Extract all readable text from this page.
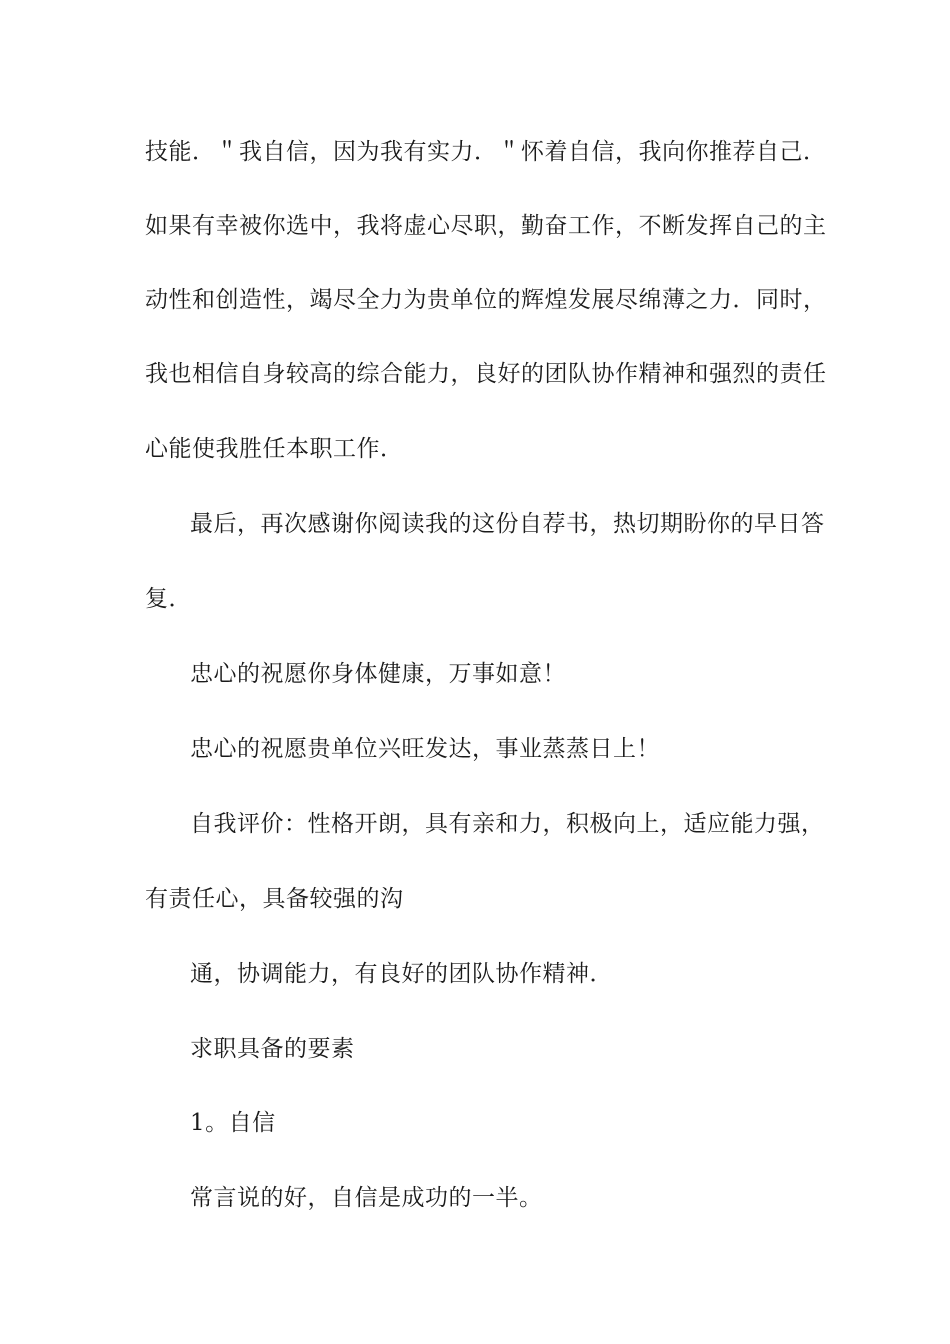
技能．＂我自信，因为我有实力．＂怀着自信，我向你推荐自己．
如果有幸被你选中，我将虚心尽职，勤奋工作，不断发挥自己的主
动性和创造性，竭尽全力为贵单位的辉煌发展尽绵薄之力．同时，
我也相信自身较高的综合能力，良好的团队协作精神和强烈的责任
心能使我胜任本职工作．
最后，再次感谢你阅读我的这份自荐书，热切期盼你的早日答
复．
忠心的祝愿你身体健康，万事如意！
忠心的祝愿贵单位兴旺发达，事业蒸蒸日上！
自我评价：性格开朗，具有亲和力，积极向上，适应能力强，
有责任心，具备较强的沟
通，协调能力，有良好的团队协作精神．
求职具备的要素
1。自信
常言说的好，自信是成功的一半。
